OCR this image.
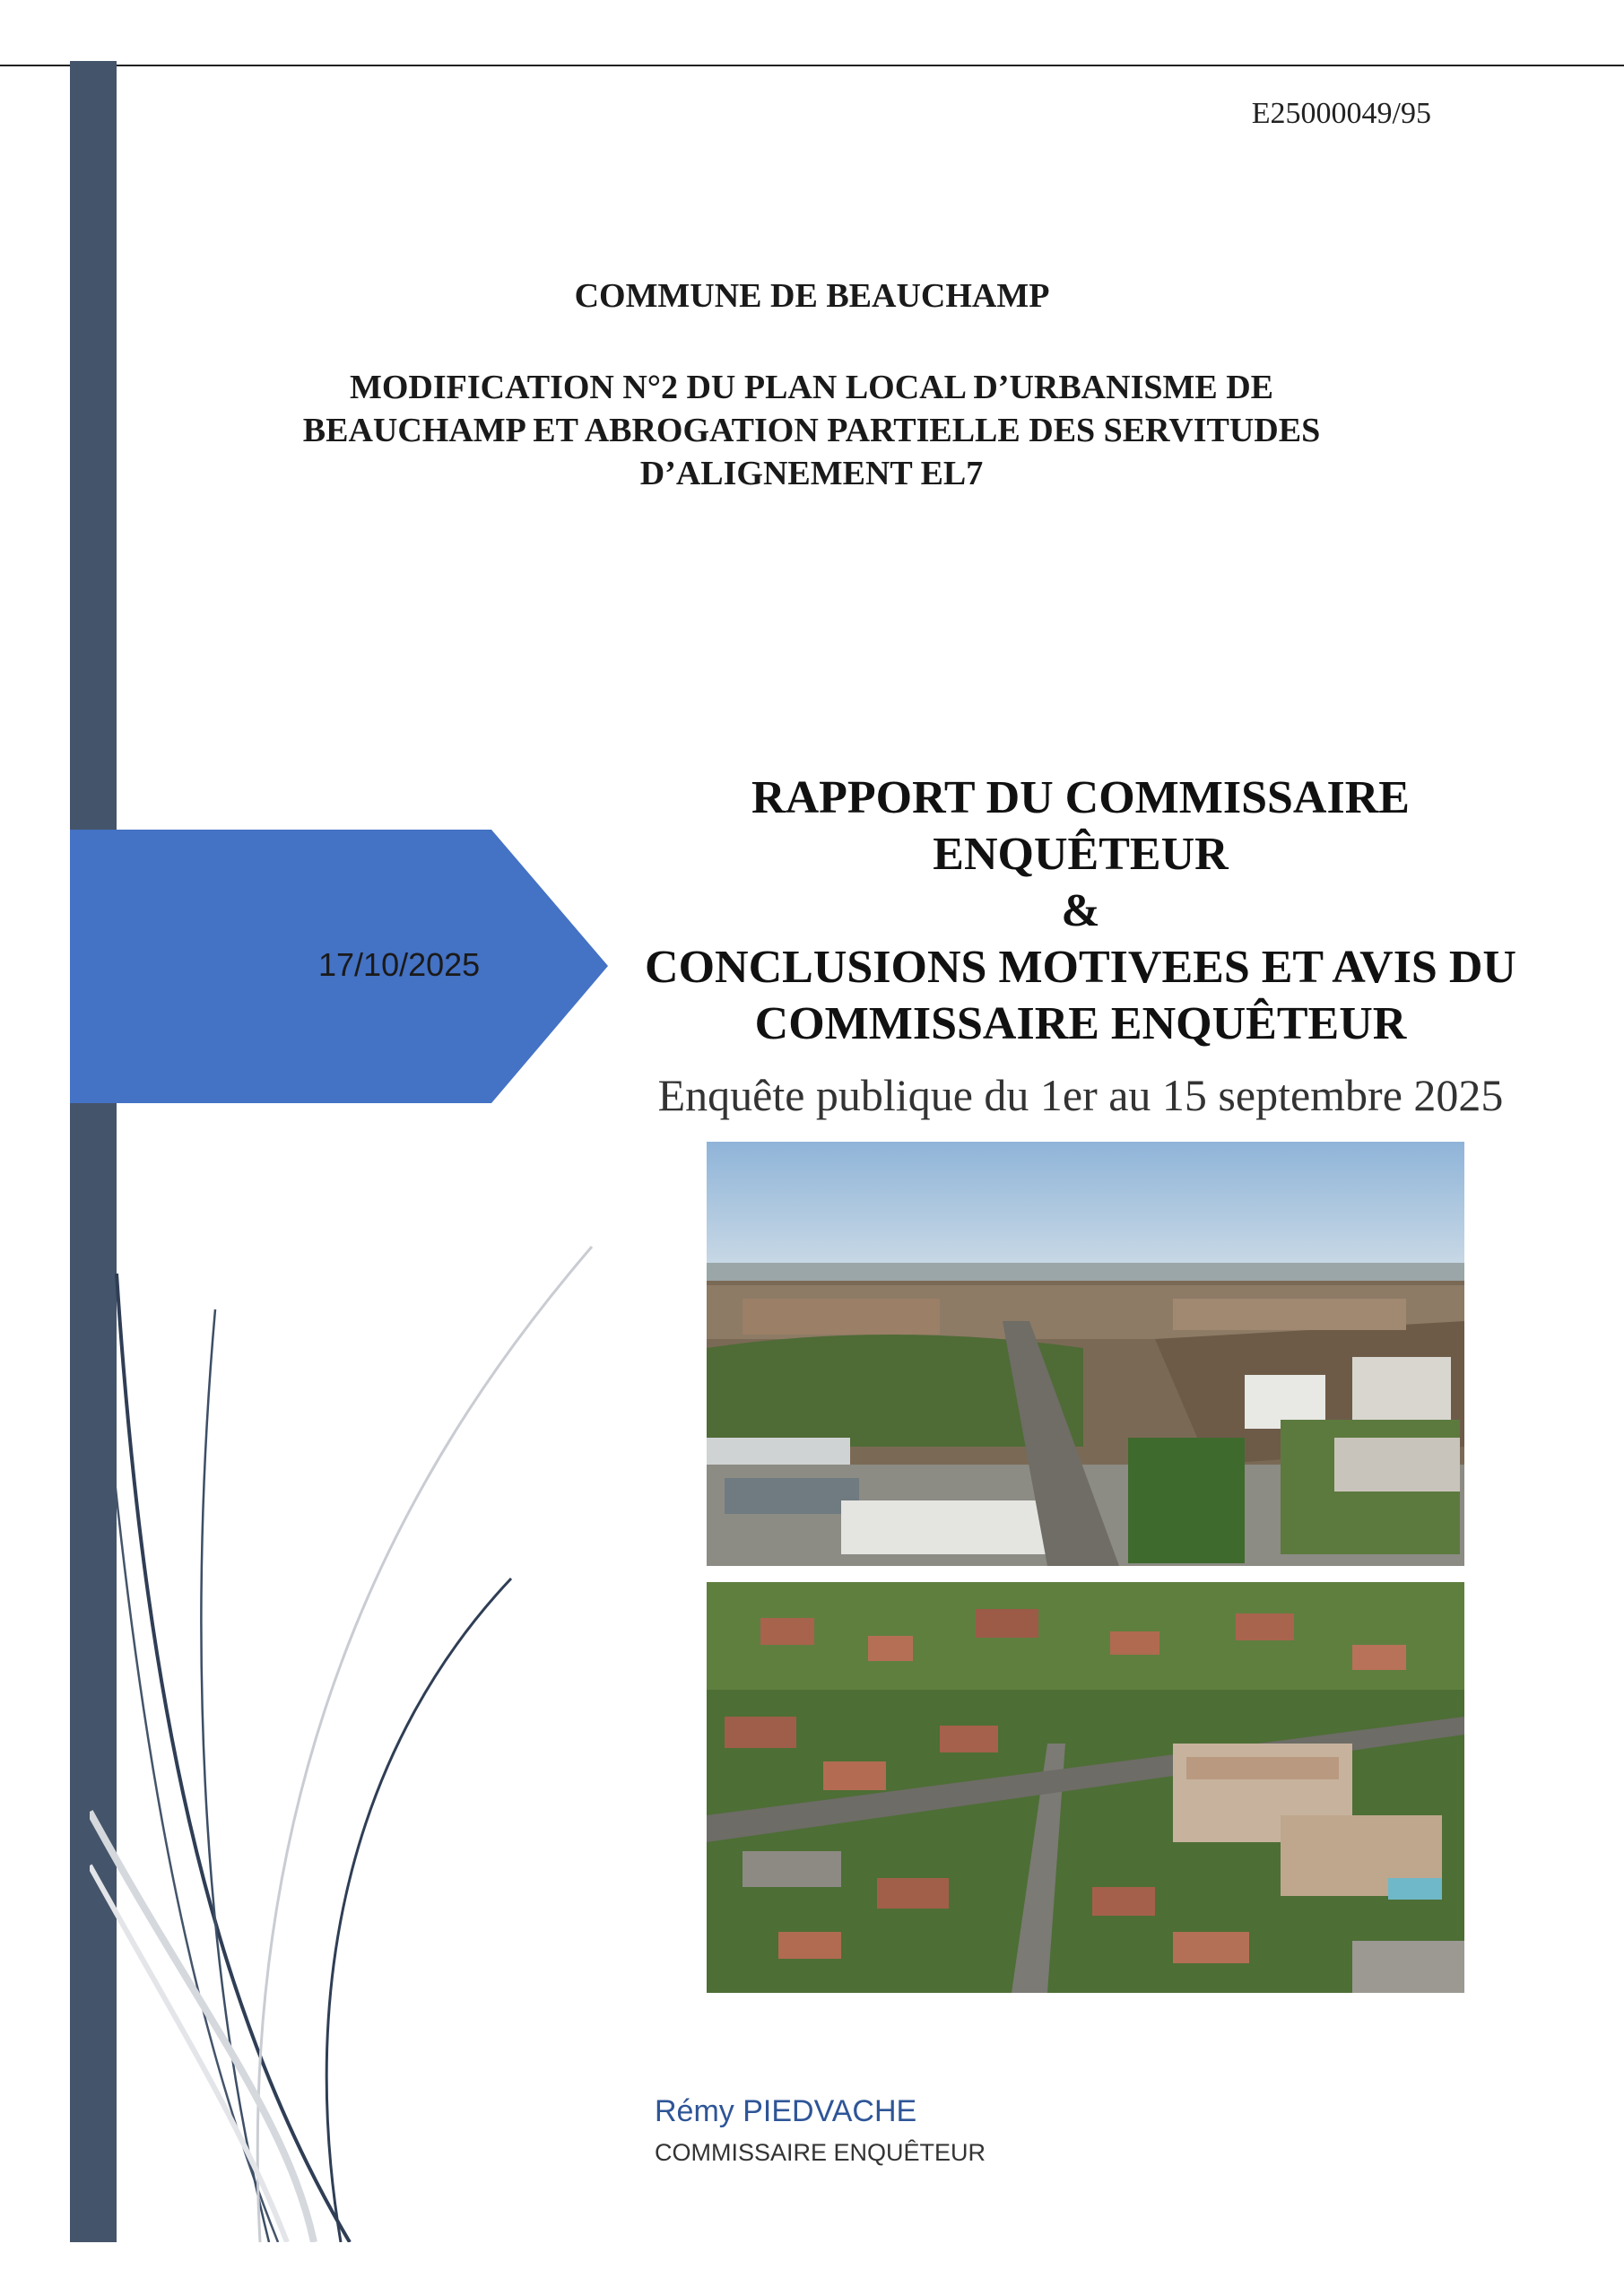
E25000049/95
COMMUNE DE BEAUCHAMP
MODIFICATION N°2 DU PLAN LOCAL D’URBANISME DE
BEAUCHAMP ET ABROGATION PARTIELLE DES SERVITUDES
D’ALIGNEMENT EL7
17/10/2025
RAPPORT DU COMMISSAIRE
ENQUÊTEUR
&
CONCLUSIONS MOTIVEES ET AVIS DU
COMMISSAIRE ENQUÊTEUR
Enquête publique du 1er au 15 septembre 2025
Rémy PIEDVACHE
COMMISSAIRE ENQUÊTEUR
